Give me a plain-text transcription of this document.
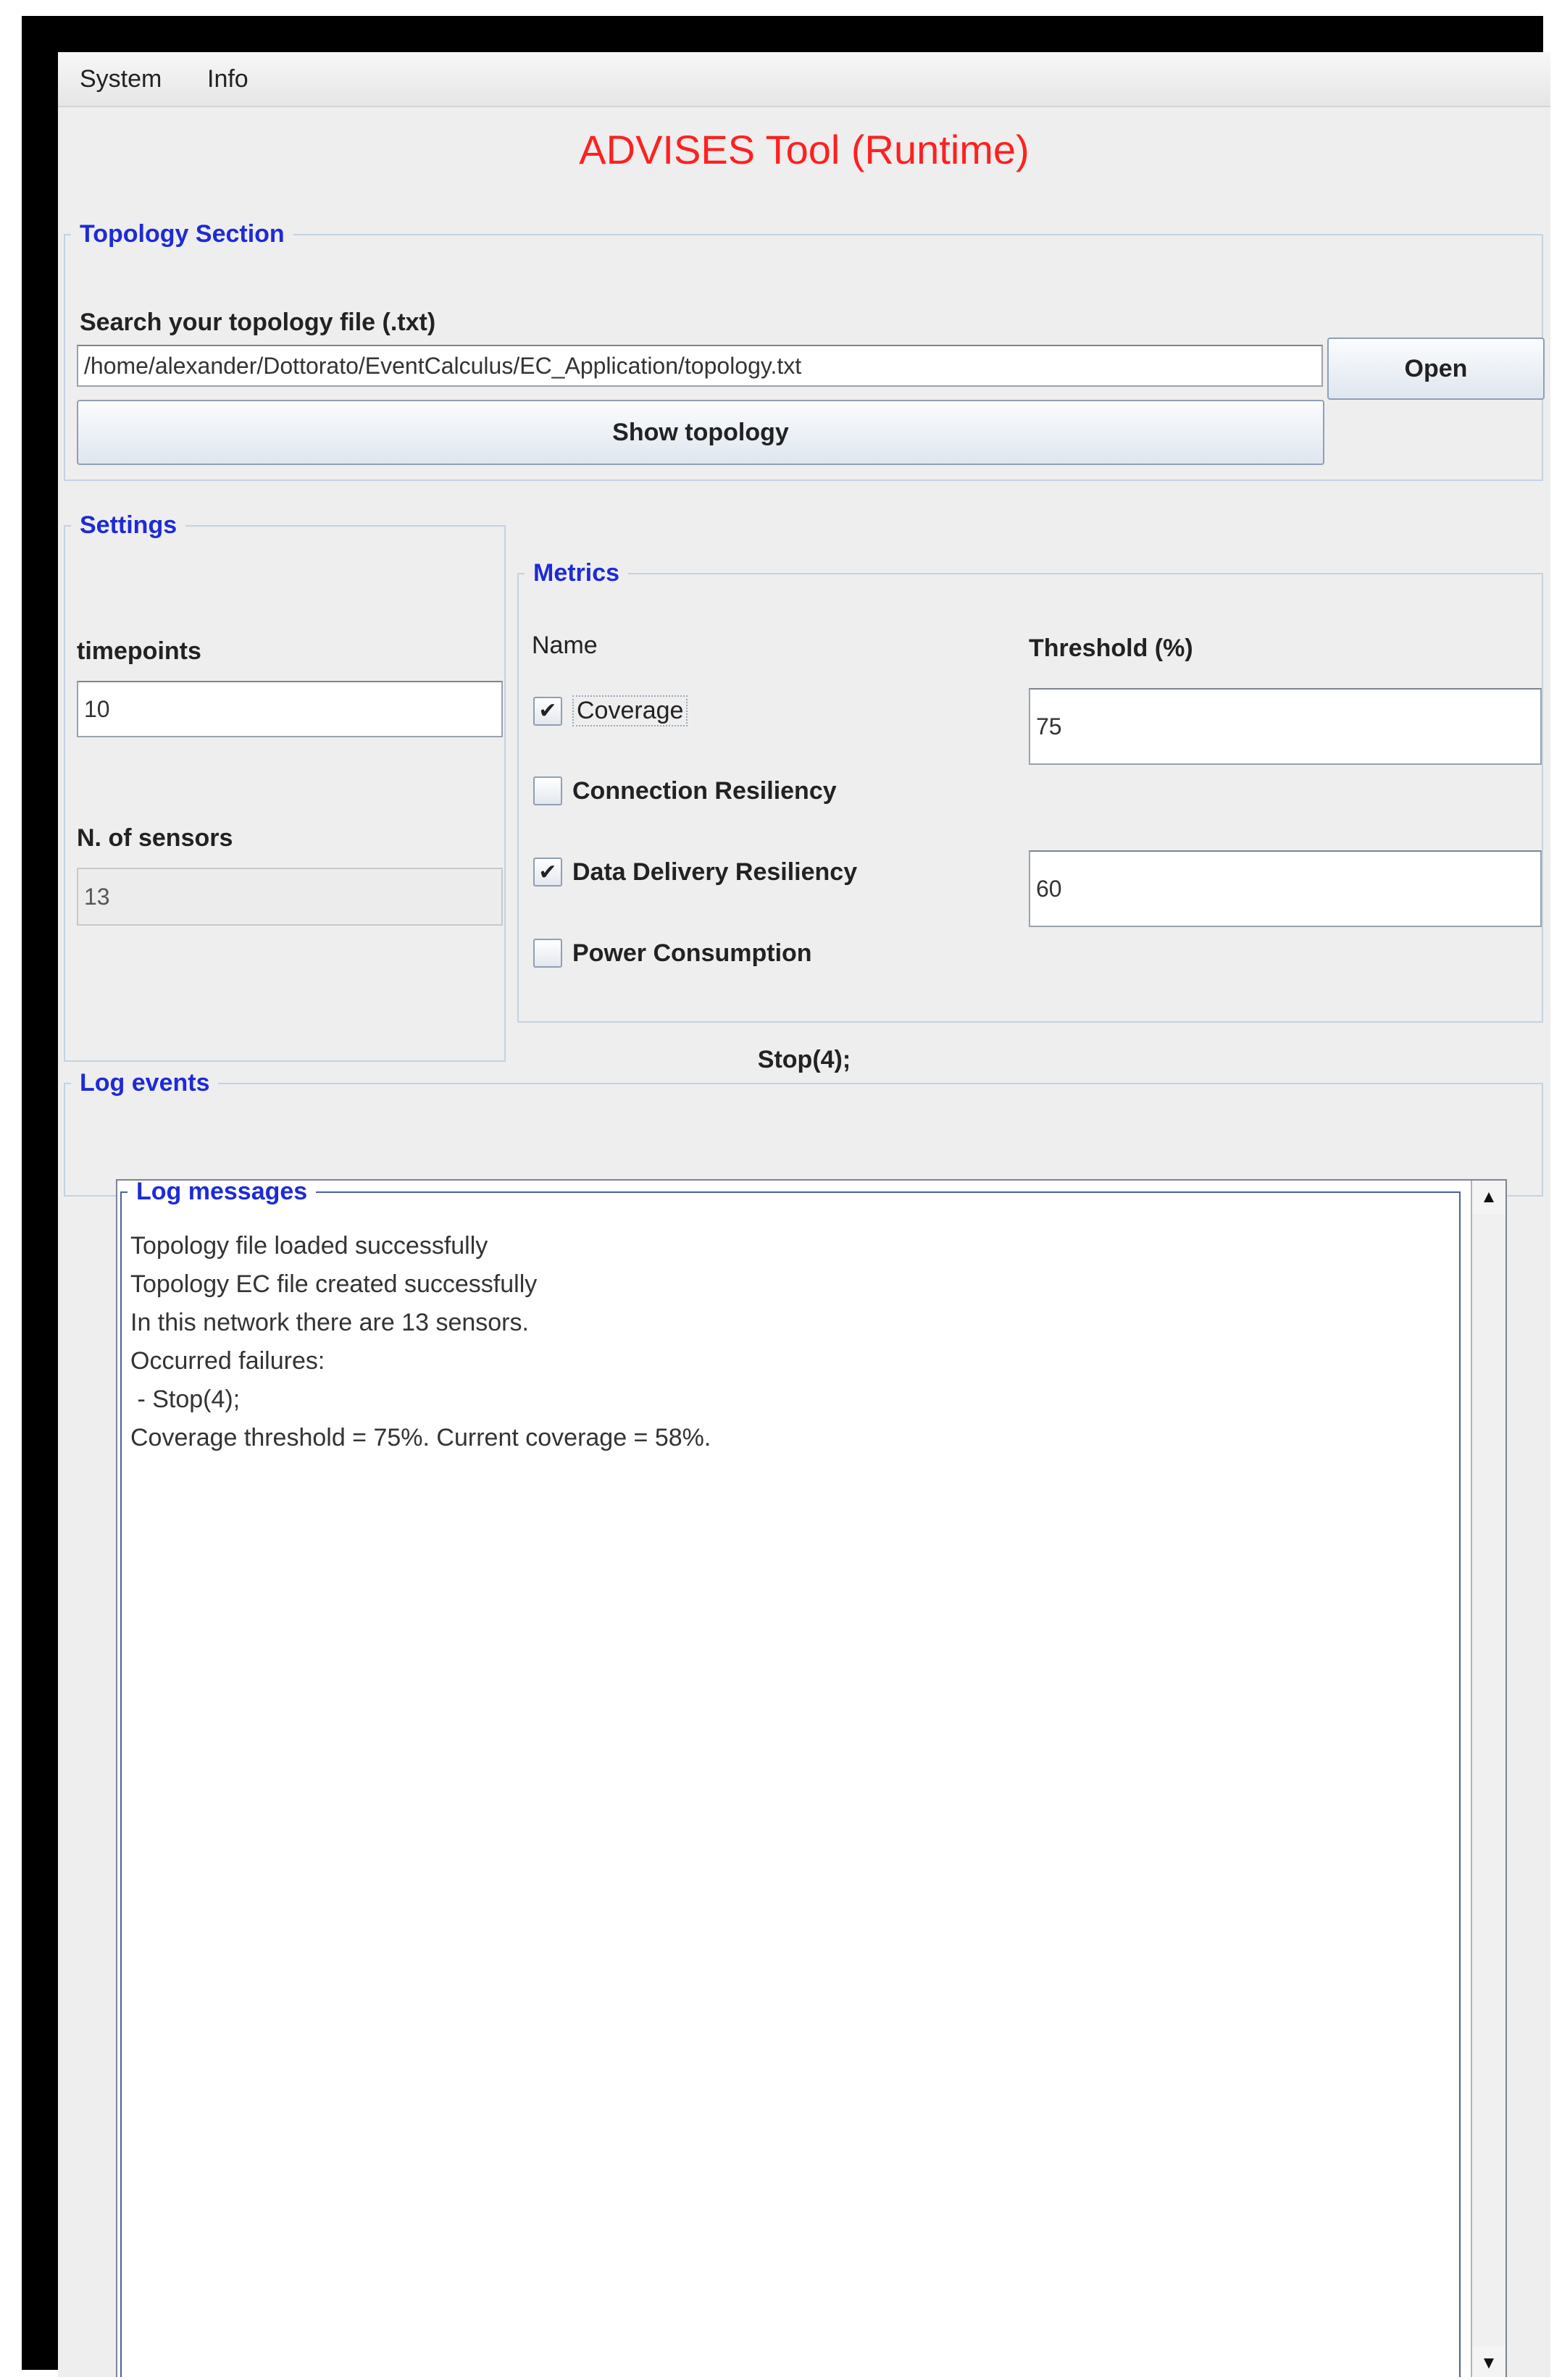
System Info
ADVISES Tool (Runtime)
Topology Section
Search your topology file (.txt)
/home/alexander/Dottorato/EventCalculus/EC_Application/topology.txt
Open
Show topology
Settings
timepoints
10
N. of sensors
13
Metrics
Name	Threshold (%)
✔ Coverage
75
Connection Resiliency
✔ Data Delivery Resiliency
60
Power Consumption
Log events
Stop(4);
Log messages
Topology file loaded successfully
Topology EC file created successfully
In this network there are 13 sensors.
Occurred failures:
- Stop(4);
Coverage threshold = 75%. Current coverage = 58%.
▲
▼
